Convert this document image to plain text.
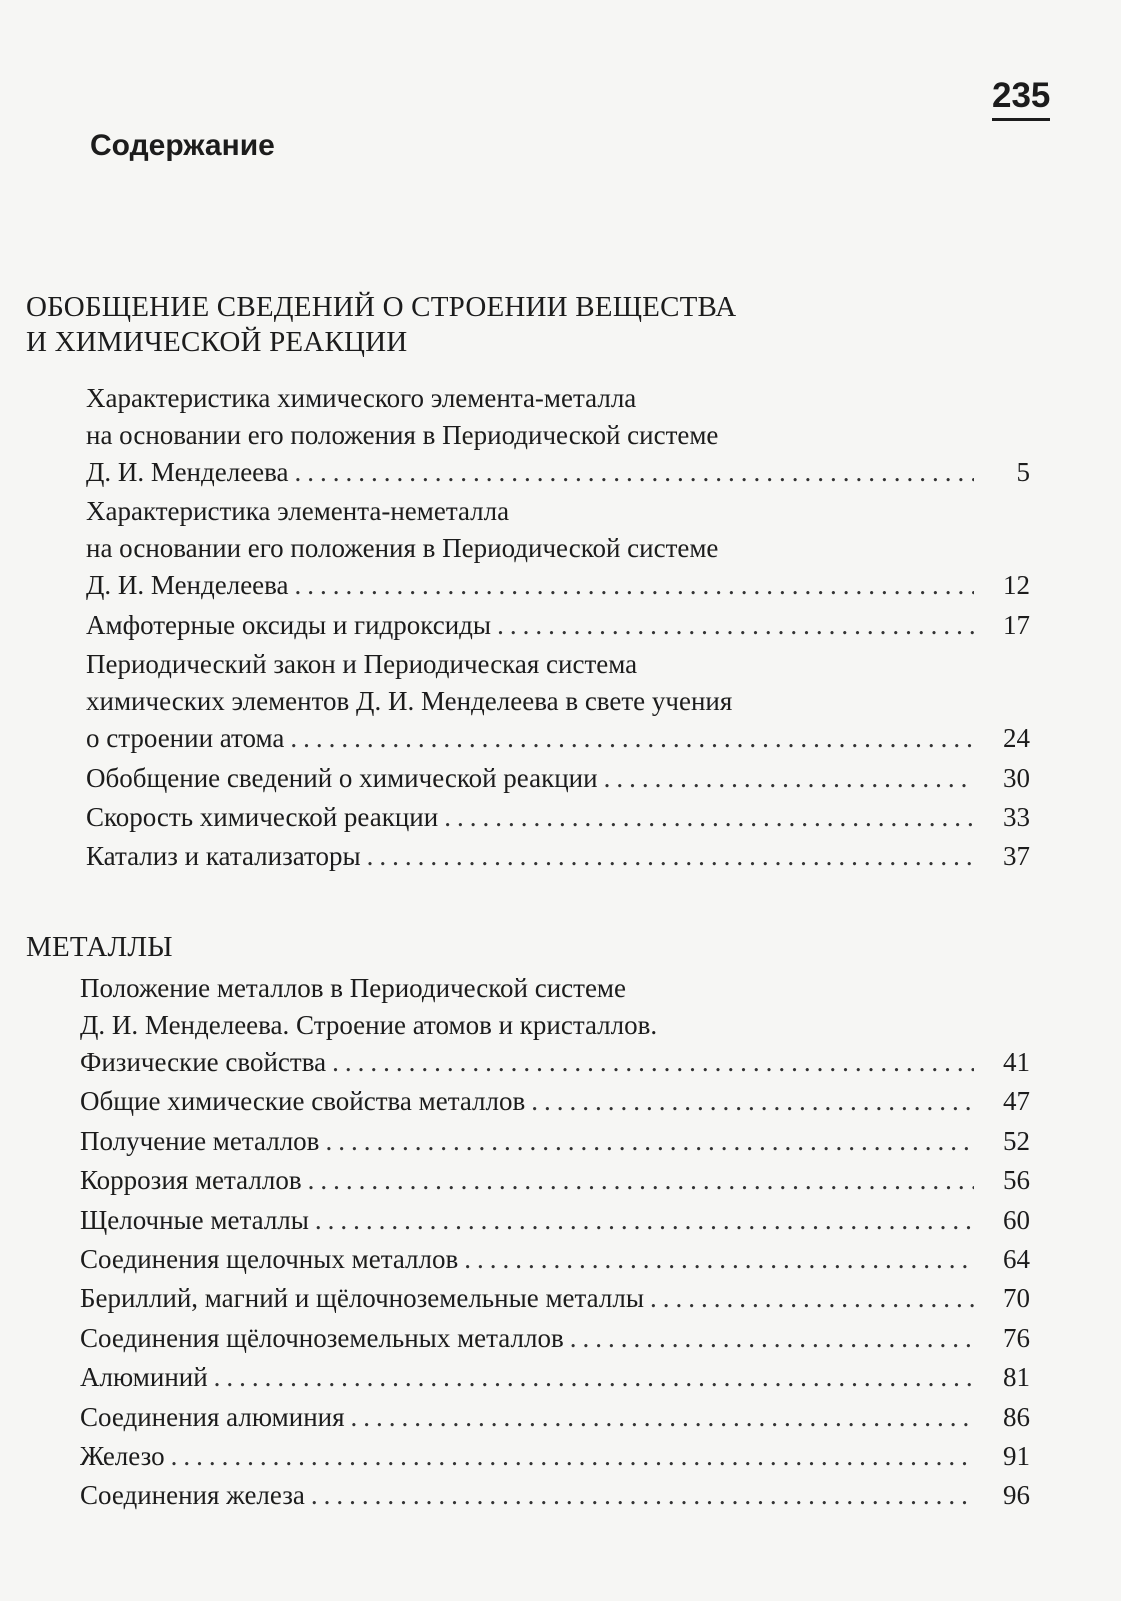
235
Содержание
ОБОБЩЕНИЕ СВЕДЕНИЙ О СТРОЕНИИ ВЕЩЕСТВА
И ХИМИЧЕСКОЙ РЕАКЦИИ
МЕТАЛЛЫ
Характеристика химического элемента-металла
на основании его положения в Периодической системе
Д. И. Менделеева .....	5
Характеристика элемента-неметалла
на основании его положения в Периодической системе
Д. И. Менделеева .....	12
Амфотерные оксиды и гидроксиды .....	17
Периодический закон и Периодическая система
химических элементов Д. И. Менделеева в свете учения
о строении атома .....	24
Обобщение сведений о химической реакции .....	30
Скорость химической реакции .....	33
Катализ и катализаторы .....	37
Положение металлов в Периодической системе
Д. И. Менделеева. Строение атомов и кристаллов.
Физические свойства .....	41
Общие химические свойства металлов .....	47
Получение металлов .....	52
Коррозия металлов .....	56
Щелочные металлы .....	60
Соединения щелочных металлов .....	64
Бериллий, магний и щёлочноземельные металлы .....	70
Соединения щёлочноземельных металлов .....	76
Алюминий .....	81
Соединения алюминия .....	86
Железо .....	91
Соединения железа .....	96
